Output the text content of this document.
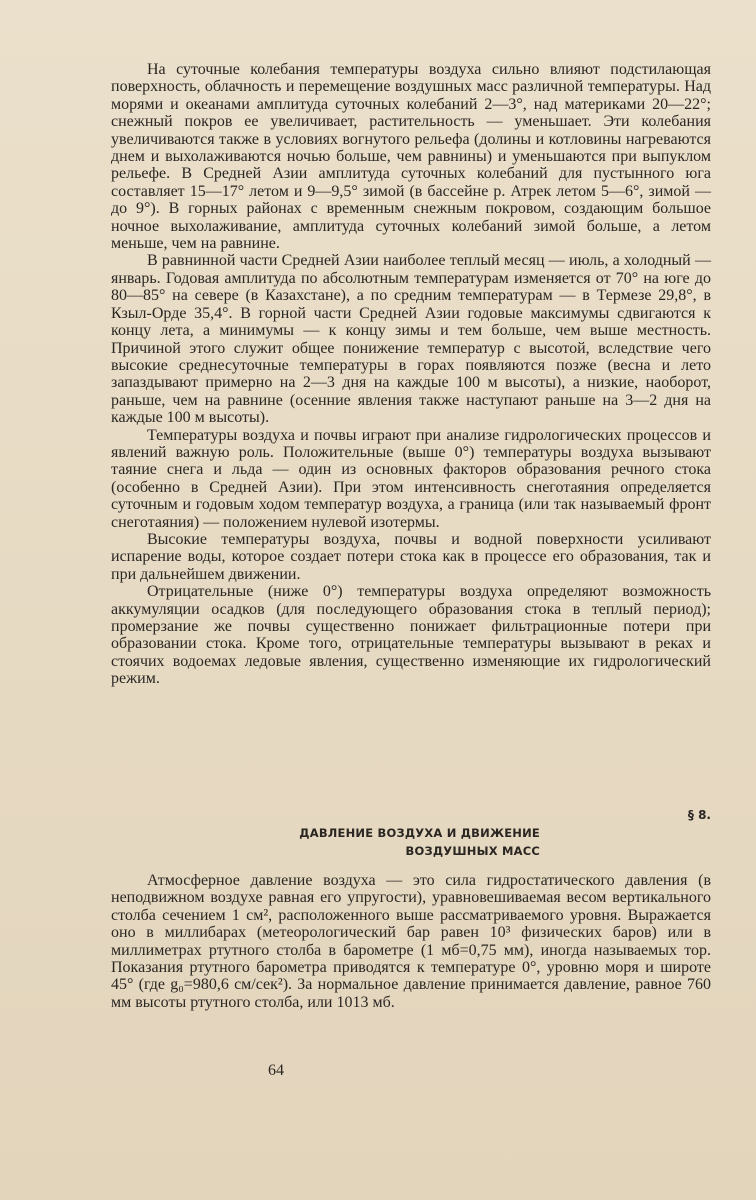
На суточные колебания температуры воздуха сильно влияют подстилающая поверхность, облачность и перемещение воздушных масс различной температуры. Над морями и океанами амплитуда суточных колебаний 2—3°, над материками 20—22°; снежный покров ее увеличивает, растительность — уменьшает. Эти колебания увеличиваются также в условиях вогнутого рельефа (долины и котловины нагреваются днем и выхолаживаются ночью больше, чем равнины) и уменьшаются при выпуклом рельефе. В Средней Азии амплитуда суточных колебаний для пустынного юга составляет 15—17° летом и 9—9,5° зимой (в бассейне р. Атрек летом 5—6°, зимой — до 9°). В горных районах с временным снежным покровом, создающим большое ночное выхолаживание, амплитуда суточных колебаний зимой больше, а летом меньше, чем на равнине.

В равнинной части Средней Азии наиболее теплый месяц — июль, а холодный — январь. Годовая амплитуда по абсолютным температурам изменяется от 70° на юге до 80—85° на севере (в Казахстане), а по средним температурам — в Термезе 29,8°, в Кзыл-Орде 35,4°. В горной части Средней Азии годовые максимумы сдвигаются к концу лета, а минимумы — к концу зимы и тем больше, чем выше местность. Причиной этого служит общее понижение температур с высотой, вследствие чего высокие среднесуточные температуры в горах появляются позже (весна и лето запаздывают примерно на 2—3 дня на каждые 100 м высоты), а низкие, наоборот, раньше, чем на равнине (осенние явления также наступают раньше на 3—2 дня на каждые 100 м высоты).

Температуры воздуха и почвы играют при анализе гидрологических процессов и явлений важную роль. Положительные (выше 0°) температуры воздуха вызывают таяние снега и льда — один из основных факторов образования речного стока (особенно в Средней Азии). При этом интенсивность снеготаяния определяется суточным и годовым ходом температур воздуха, а граница (или так называемый фронт снеготаяния) — положением нулевой изотермы.

Высокие температуры воздуха, почвы и водной поверхности усиливают испарение воды, которое создает потери стока как в процессе его образования, так и при дальнейшем движении.

Отрицательные (ниже 0°) температуры воздуха определяют возможность аккумуляции осадков (для последующего образования стока в теплый период); промерзание же почвы существенно понижает фильтрационные потери при образовании стока. Кроме того, отрицательные температуры вызывают в реках и стоячих водоемах ледовые явления, существенно изменяющие их гидрологический режим.

§ 8.
ДАВЛЕНИЕ ВОЗДУХА И ДВИЖЕНИЕ
ВОЗДУШНЫХ МАСС

Атмосферное давление воздуха — это сила гидростатического давления (в неподвижном воздухе равная его упругости), уравновешиваемая весом вертикального столба сечением 1 см², расположенного выше рассматриваемого уровня. Выражается оно в миллибарах (метеорологический бар равен 10³ физических баров) или в миллиметрах ртутного столба в барометре (1 мб=0,75 мм), иногда называемых тор. Показания ртутного барометра приводятся к температуре 0°, уровню моря и широте 45° (где g₀=980,6 см/сек²). За нормальное давление принимается давление, равное 760 мм высоты ртутного столба, или 1013 мб.

64
